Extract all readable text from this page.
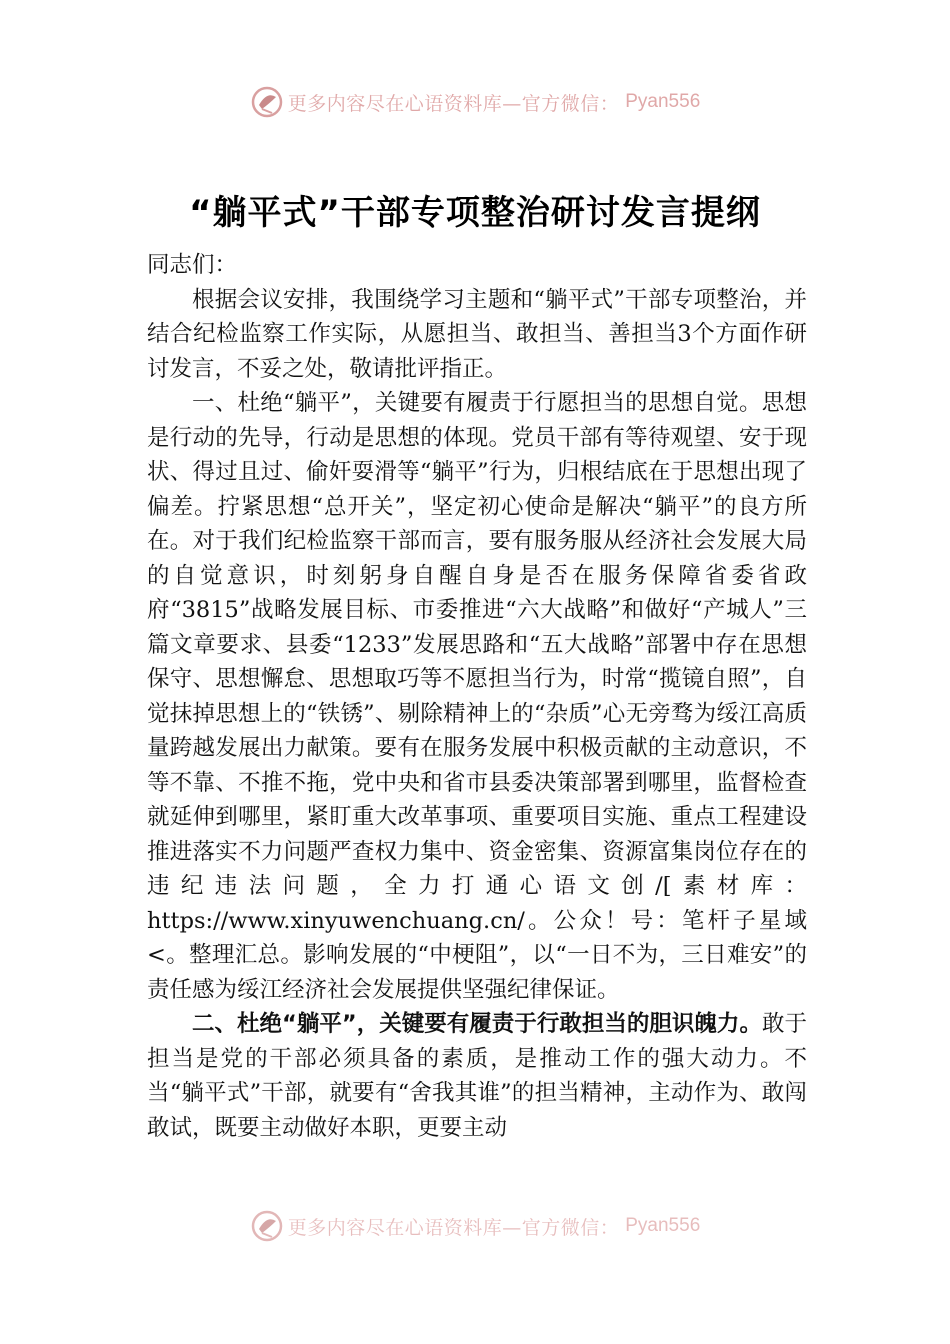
更多内容尽在心语资料库—官方微信： Pyan556
“躺平式”干部专项整治研讨发言提纲

同志们：

根据会议安排，我围绕学习主题和“躺平式”干部专项整治，并结合纪检监察工作实际，从愿担当、敢担当、善担当3个方面作研讨发言，不妥之处，敬请批评指正。

一、杜绝“躺平”，关键要有履责于行愿担当的思想自觉。思想是行动的先导，行动是思想的体现。党员干部有等待观望、安于现状、得过且过、偷奸耍滑等“躺平”行为，归根结底在于思想出现了偏差。拧紧思想“总开关”，坚定初心使命是解决“躺平”的良方所在。对于我们纪检监察干部而言，要有服务服从经济社会发展大局的自觉意识，时刻躬身自醒自身是否在服务保障省委省政府“3815”战略发展目标、市委推进“六大战略”和做好“产城人”三篇文章要求、县委“1233”发展思路和“五大战略”部署中存在思想保守、思想懈怠、思想取巧等不愿担当行为，时常“揽镜自照”，自觉抹掉思想上的“铁锈”、剔除精神上的“杂质”心无旁骛为绥江高质量跨越发展出力献策。要有在服务发展中积极贡献的主动意识，不等不靠、不推不拖，党中央和省市县委决策部署到哪里，监督检查就延伸到哪里，紧盯重大改革事项、重要项目实施、重点工程建设推进落实不力问题严查权力集中、资金密集、资源富集岗位存在的违纪违法问题，全力打通心语文创/[素材库：https://www.xinyuwenchuang.cn/。公众！号：笔杆子星域<。整理汇总。影响发展的“中梗阻”，以“一日不为，三日难安”的责任感为绥江经济社会发展提供坚强纪律保证。

二、杜绝“躺平”，关键要有履责于行敢担当的胆识魄力。敢于担当是党的干部必须具备的素质，是推动工作的强大动力。不当“躺平式”干部，就要有“舍我其谁”的担当精神，主动作为、敢闯敢试，既要主动做好本职，更要主动

更多内容尽在心语资料库—官方微信： Pyan556
